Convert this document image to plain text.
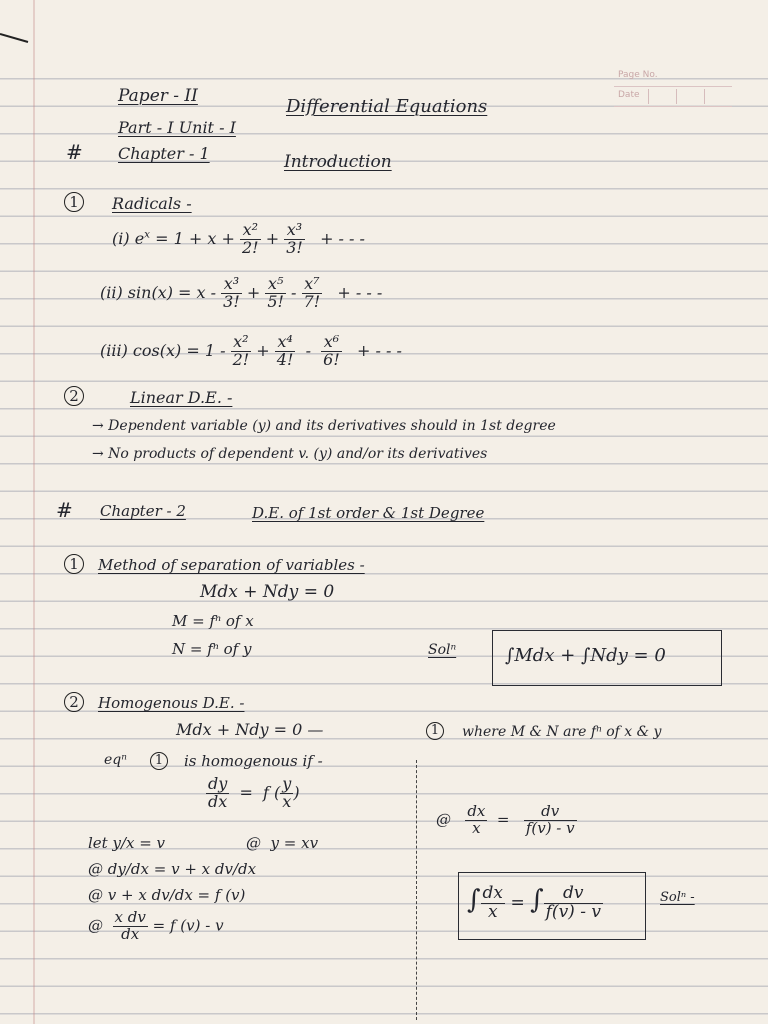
Page No.
Date
Paper - II	Differential Equations
Part - I Unit - I
# Chapter - 1	Introduction
1	Radicals -
(i) $e^x = 1 + x + \frac{\text{x²}}{2!} + \frac{\text{x³}}{3!}$ + - - -
(ii) $\sin(x) = x - \frac{\text{x³}}{3!} + \frac{\text{x⁵}}{5!} - \frac{\text{x⁷}}{7!}$ + - - -
(iii) $\cos(x) = 1 - \frac{\text{x²}}{2!} + \frac{\text{x⁴}}{4!} - \frac{\text{x⁶}}{6!}$ + - - -
2	Linear D.E. -
→ Dependent variable (y) and its derivatives should in 1st degree
→ No products of dependent v. (y) and/or its derivatives
# Chapter - 2	D.E. of 1st order & 1st Degree
1	Method of separation of variables -
Mdx + Ndy = 0
M = fⁿ of x
N = fⁿ of y	Solⁿ	∫Mdx + ∫Ndy = 0
2	Homogenous D.E. -
Mdx + Ndy = 0 —	1	where M & N are fⁿ of x & y
eqⁿ	1	is homogenous if -
$\frac{dy}{dx} = f$ ( $\frac{y}{x}$ )
let y/x = v	@  y = xv
@ dy/dx = v + x dv/dx
@ v + x dv/dx = f (v)
@ $\frac{\text{x dv}}{dx} = f$ (v) - v
@ $\frac{dx}{x} = \frac{dv}{f(v) - v}$
∫ $\frac{dx}{x}$ = ∫ $\frac{dv}{f(v) - v}$	Solⁿ -
